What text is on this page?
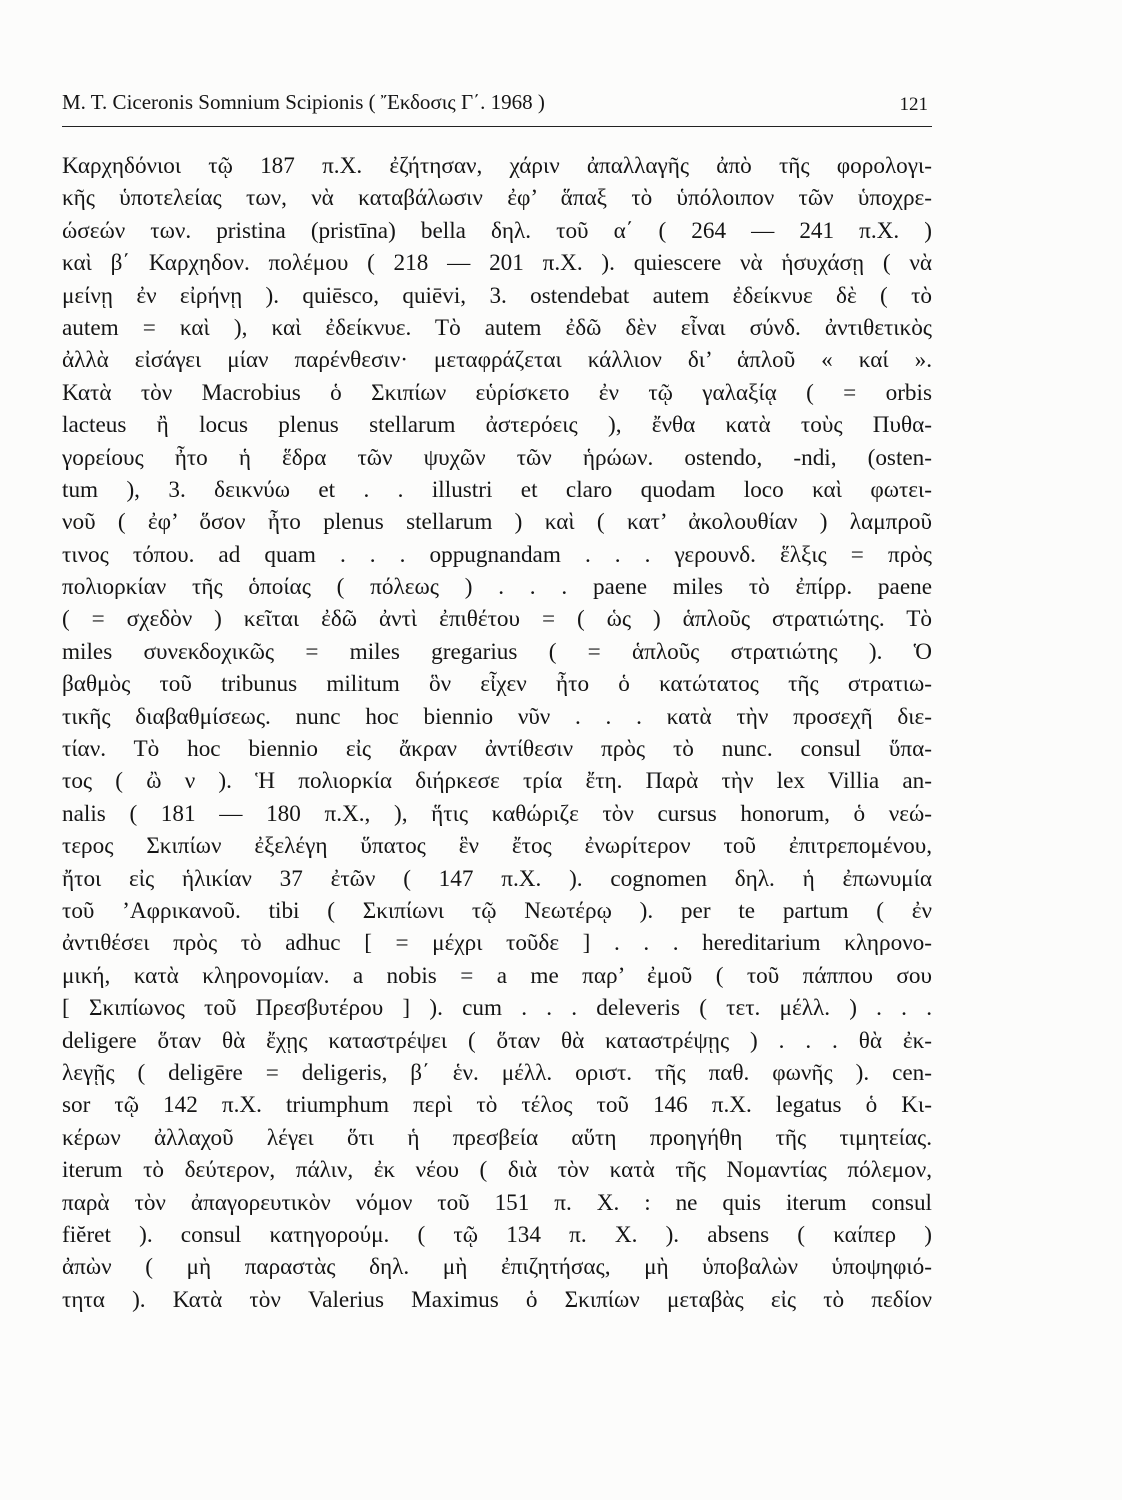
M. T. Ciceronis Somnium Scipionis ( Ἔκδοσις Γ΄. 1968 )	121
Καρχηδόνιοι τῷ 187 π.Χ. ἐζήτησαν, χάριν ἀπαλλαγῆς ἀπὸ τῆς φορολογι-
κῆς ὑποτελείας των, νὰ καταβάλωσιν ἐφ’ ἅπαξ τὸ ὑπόλοιπον τῶν ὑποχρε-
ώσεών των. pristina (pristīna) bella δηλ. τοῦ α΄ ( 264 — 241 π.Χ. )
καὶ β΄ Καρχηδον. πολέμου ( 218 — 201 π.Χ. ). quiescere νὰ ἡσυχάσῃ ( νὰ
μείνῃ ἐν εἰρήνῃ ). quiēsco, quiēvi, 3. ostendebat autem ἐδείκνυε δὲ ( τὸ
autem = καὶ ), καὶ ἐδείκνυε. Τὸ autem ἐδῶ δὲν εἶναι σύνδ. ἀντιθετικὸς
ἀλλὰ εἰσάγει μίαν παρένθεσιν· μεταφράζεται κάλλιον δι’ ἁπλοῦ « καί ».
Κατὰ τὸν Macrobius ὁ Σκιπίων εὑρίσκετο ἐν τῷ γαλαξίᾳ ( = orbis
lacteus ἢ locus plenus stellarum ἀστερόεις ), ἔνθα κατὰ τοὺς Πυθα-
γορείους ἦτο ἡ ἕδρα τῶν ψυχῶν τῶν ἡρώων. ostendo, -ndi, (osten-
tum ), 3. δεικνύω et . . illustri et claro quodam loco καὶ φωτει-
νοῦ ( ἐφ’ ὅσον ἦτο plenus stellarum ) καὶ ( κατ’ ἀκολουθίαν ) λαμπροῦ
τινος τόπου. ad quam . . . oppugnandam . . . γερουνδ. ἕλξις = πρὸς
πολιορκίαν τῆς ὁποίας ( πόλεως ) . . . paene miles τὸ ἐπίρρ. paene
( = σχεδὸν ) κεῖται ἐδῶ ἀντὶ ἐπιθέτου = ( ὡς ) ἁπλοῦς στρατιώτης. Τὸ
miles συνεκδοχικῶς = miles gregarius ( = ἁπλοῦς στρατιώτης ). Ὁ
βαθμὸς τοῦ tribunus militum ὃν εἶχεν ἦτο ὁ κατώτατος τῆς στρατιω-
τικῆς διαβαθμίσεως. nunc hoc biennio νῦν . . . κατὰ τὴν προσεχῆ διε-
τίαν. Τὸ hoc biennio εἰς ἄκραν ἀντίθεσιν πρὸς τὸ nunc. consul ὕπα-
τος ( ὢ ν ). Ἡ πολιορκία διήρκεσε τρία ἔτη. Παρὰ τὴν lex Villia an-
nalis ( 181 — 180 π.Χ., ), ἥτις καθώριζε τὸν cursus honorum, ὁ νεώ-
τερος Σκιπίων ἐξελέγη ὕπατος ἓν ἔτος ἐνωρίτερον τοῦ ἐπιτρεπομένου,
ἤτοι εἰς ἡλικίαν 37 ἐτῶν ( 147 π.Χ. ). cognomen δηλ. ἡ ἐπωνυμία
τοῦ ’Αφρικανοῦ. tibi ( Σκιπίωνι τῷ Νεωτέρῳ ). per te partum ( ἐν
ἀντιθέσει πρὸς τὸ adhuc [ = μέχρι τοῦδε ] . . . hereditarium κληρονο-
μική, κατὰ κληρονομίαν. a nobis = a me παρ’ ἐμοῦ ( τοῦ πάππου σου
[ Σκιπίωνος τοῦ Πρεσβυτέρου ] ). cum . . . deleveris ( τετ. μέλλ. ) . . .
deligere ὅταν θὰ ἔχῃς καταστρέψει ( ὅταν θὰ καταστρέψῃς ) . . . θὰ ἐκ-
λεγῇς ( deligēre = deligeris, β΄ ἑν. μέλλ. οριστ. τῆς παθ. φωνῆς ). cen-
sor τῷ 142 π.Χ. triumphum περὶ τὸ τέλος τοῦ 146 π.Χ. legatus ὁ Κι-
κέρων ἀλλαχοῦ λέγει ὅτι ἡ πρεσβεία αὕτη προηγήθη τῆς τιμητείας.
iterum τὸ δεύτερον, πάλιν, ἐκ νέου ( διὰ τὸν κατὰ τῆς Νομαντίας πόλεμον,
παρὰ τὸν ἀπαγορευτικὸν νόμον τοῦ 151 π. Χ. : ne quis iterum consul
fiĕret ). consul κατηγορούμ. ( τῷ 134 π. Χ. ). absens ( καίπερ )
ἀπὼν ( μὴ παραστὰς δηλ. μὴ ἐπιζητήσας, μὴ ὑποβαλὼν ὑποψηφιό-
τητα ). Κατὰ τὸν Valerius Maximus ὁ Σκιπίων μεταβὰς εἰς τὸ πεδίον
